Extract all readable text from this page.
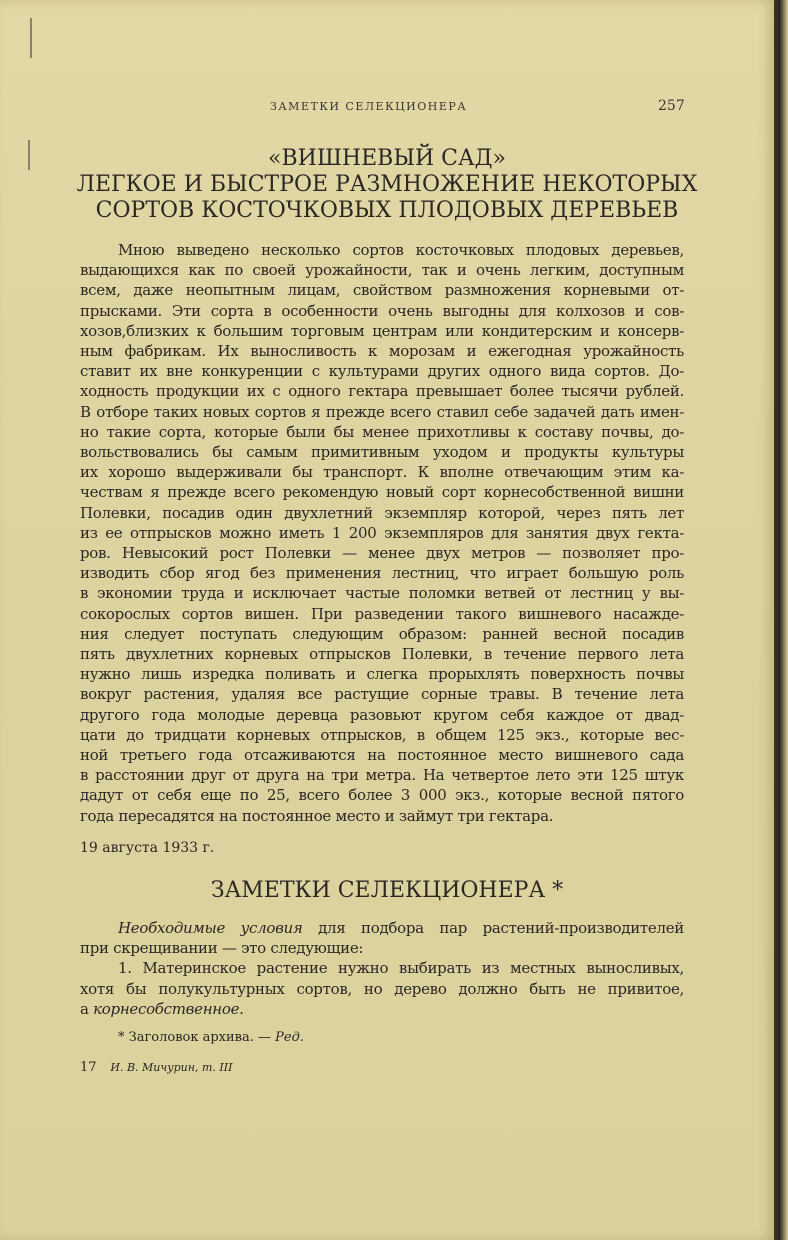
ЗАМЕТКИ СЕЛЕКЦИОНЕРА	257
«ВИШНЕВЫЙ САД»
ЛЕГКОЕ И БЫСТРОЕ РАЗМНОЖЕНИЕ НЕКОТОРЫХ
СОРТОВ КОСТОЧКОВЫХ ПЛОДОВЫХ ДЕРЕВЬЕВ
Мною выведено несколько сортов косточковых плодовых деревьев,
выдающихся как по своей урожайности, так и очень легким, доступным
всем, даже неопытным лицам, свойством размножения корневыми от-
прысками. Эти сорта в особенности очень выгодны для колхозов и сов-
хозов,близких к большим торговым центрам или кондитерским и консерв-
ным фабрикам. Их выносливость к морозам и ежегодная урожайность
ставит их вне конкуренции с культурами других одного вида сортов. До-
ходность продукции их с одного гектара превышает более тысячи рублей.
В отборе таких новых сортов я прежде всего ставил себе задачей дать имен-
но такие сорта, которые были бы менее прихотливы к составу почвы, до-
вольствовались бы самым примитивным уходом и продукты культуры
их хорошо выдерживали бы транспорт. К вполне отвечающим этим ка-
чествам я прежде всего рекомендую новый сорт корнесобственной вишни
Полевки, посадив один двухлетний экземпляр которой, через пять лет
из ее отпрысков можно иметь 1 200 экземпляров для занятия двух гекта-
ров. Невысокий рост Полевки — менее двух метров — позволяет про-
изводить сбор ягод без применения лестниц, что играет большую роль
в экономии труда и исключает частые поломки ветвей от лестниц у вы-
сокорослых сортов вишен. При разведении такого вишневого насажде-
ния следует поступать следующим образом: ранней весной посадив
пять двухлетних корневых отпрысков Полевки, в течение первого лета
нужно лишь изредка поливать и слегка прорыхлять поверхность почвы
вокруг растения, удаляя все растущие сорные травы. В течение лета
другого года молодые деревца разовьют кругом себя каждое от двад-
цати до тридцати корневых отпрысков, в общем 125 экз., которые вес-
ной третьего года отсаживаются на постоянное место вишневого сада
в расстоянии друг от друга на три метра. На четвертое лето эти 125 штук
дадут от себя еще по 25, всего более 3 000 экз., которые весной пятого
года пересадятся на постоянное место и займут три гектара.
19 августа 1933 г.
ЗАМЕТКИ СЕЛЕКЦИОНЕРА *
Необходимые условия для подбора пар растений-производителей
при скрещивании — это следующие:
1. Материнское растение нужно выбирать из местных выносливых,
хотя бы полукультурных сортов, но дерево должно быть не привитое,
а корнесобственное.
* Заголовок архива. — Ред.
17 И. В. Мичурин, т. III
